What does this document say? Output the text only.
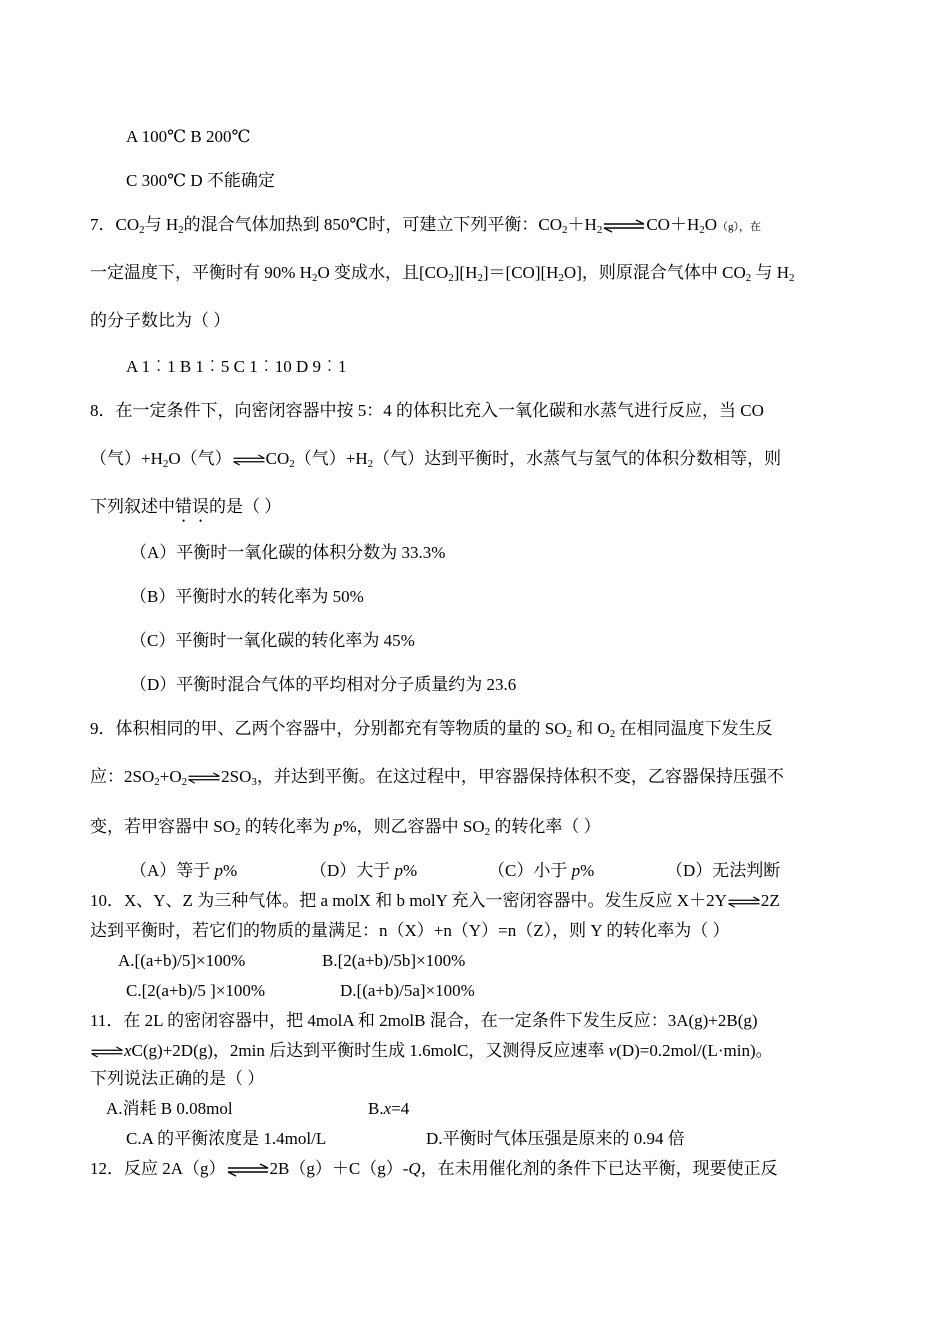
A 100℃ B 200℃
C 300℃ D 不能确定
7．$CO_2$与 $H_2$的混合气体加热到 850℃时，可建立下列平衡：$CO_2+H_2$	$CO+H_2O(g)$，在
一定温度下，平衡时有 90% $H_2O$ 变成水，且$[CO_2][H_2]=[CO][H_2O]$，则原混合气体中 $CO_2$ 与 $H_2$
的分子数比为（ ）
A 1︰1 B 1︰5 C 1︰10 D 9︰1
8．在一定条件下，向密闭容器中按 5：4 的体积比充入一氧化碳和水蒸气进行反应，当 CO
（气）$+H_2O$（气） $CO_2$（气）$+H_2$（气）达到平衡时，水蒸气与氢气的体积分数相等，则
下列叙述中错误的是（ ）
（A）平衡时一氧化碳的体积分数为 33.3%
（B）平衡时水的转化率为 50%
（C）平衡时一氧化碳的转化率为 45%
（D）平衡时混合气体的平均相对分子质量约为 23.6
9．体积相同的甲、乙两个容器中，分别都充有等物质的量的 $SO_2$ 和 $O_2$ 在相同温度下发生反
应：$2SO_2+O_2$ $2SO_3$，并达到平衡。在这过程中，甲容器保持体积不变，乙容器保持压强不
变，若甲容器中 $SO_2$ 的转化率为 p%，则乙容器中 $SO_2$ 的转化率（ ）
（A）等于 p%	（D）大于 p%	（C）小于 p%	（D）无法判断
10．X、Y、Z 为三种气体。把 a molX 和 b molY 充入一密闭容器中。发生反应 X＋2Y 2Z
达到平衡时，若它们的物质的量满足：n（X）+n（Y）=n（Z），则 Y 的转化率为（ ）
A.[(a+b)/5]×100%	B.[2(a+b)/5b]×100%
C.[2(a+b)/5 ]×100%	D.[(a+b)/5a]×100%
11．在 2L 的密闭容器中，把 4molA 和 2molB 混合，在一定条件下发生反应：3A(g)+2B(g)
xC(g)+2D(g)，2min 后达到平衡时生成 1.6molC，又测得反应速率 v(D)=0.2mol/(L·min)。
下列说法正确的是（ ）
A.消耗 B 0.08mol	B.x=4
C.A 的平衡浓度是 1.4mol/L	D.平衡时气体压强是原来的 0.94 倍
12．反应 2A（g）	2B（g）＋C（g）-Q，在未用催化剂的条件下已达平衡，现要使正反
